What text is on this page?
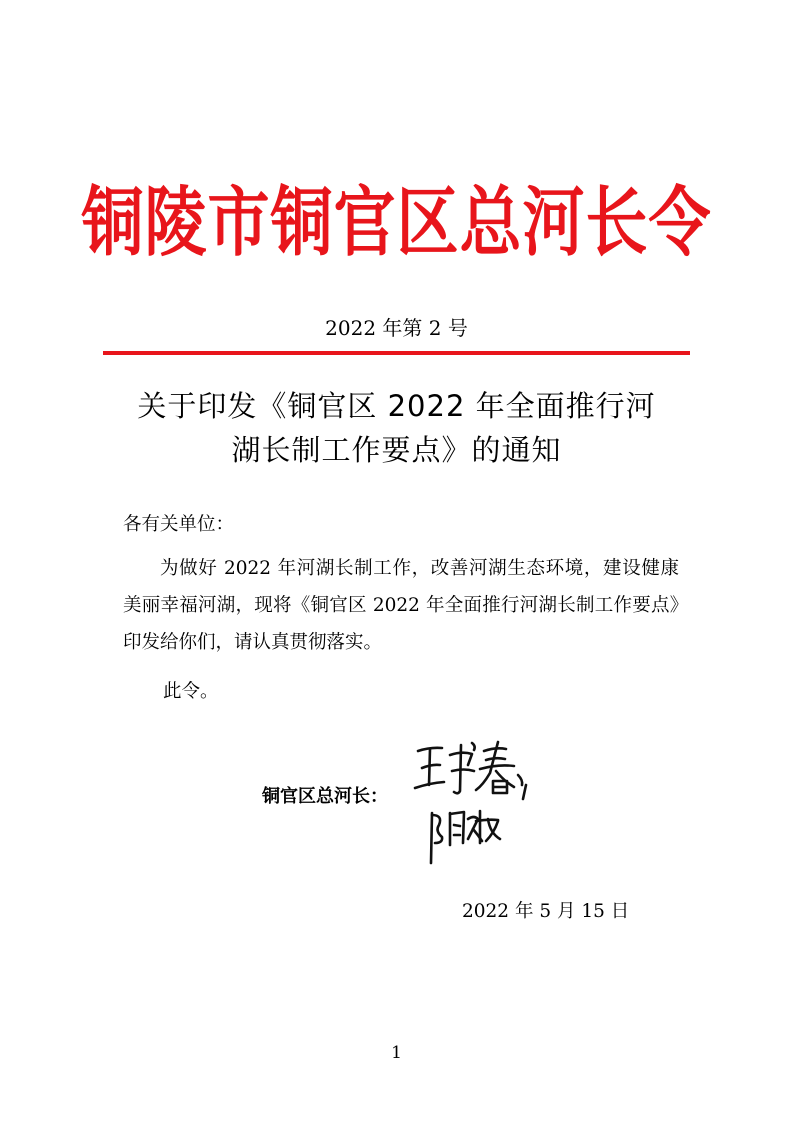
铜陵市铜官区总河长令
2022 年第 2 号
关于印发《铜官区 2022 年全面推行河
湖长制工作要点》的通知
各有关单位：

为做好 2022 年河湖长制工作，改善河湖生态环境，建设健康美丽幸福河湖，现将《铜官区 2022 年全面推行河湖长制工作要点》印发给你们，请认真贯彻落实。

此令。
铜官区总河长：
2022 年 5 月 15 日
1
